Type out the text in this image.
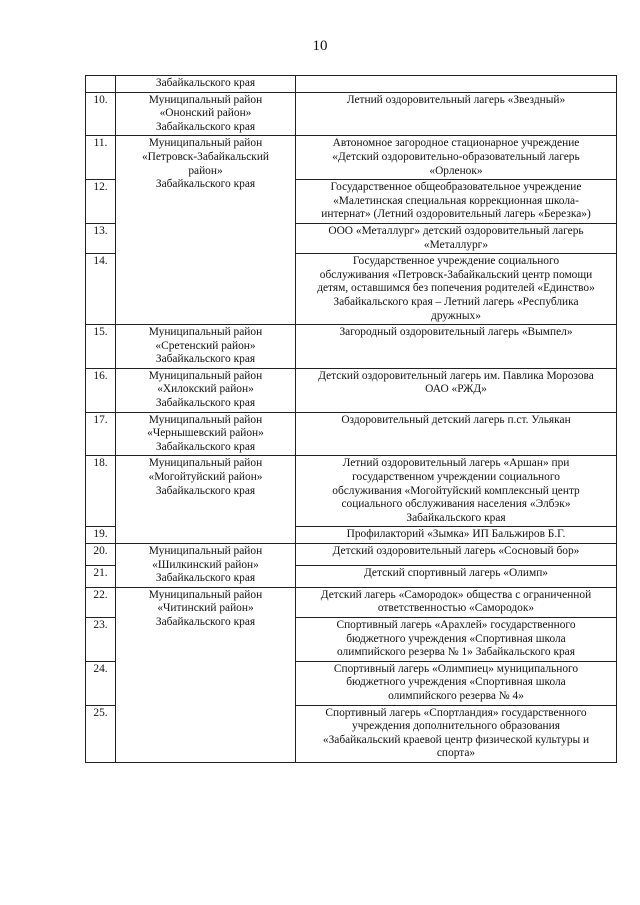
10

	Забайкальского края	

10.	Муниципальный район
«Ононский район»
Забайкальского края	Летний оздоровительный лагерь «Звездный»

11.	Муниципальный район
«Петровск-Забайкальский
район»
Забайкальского края	Автономное загородное стационарное учреждение
«Детский оздоровительно-образовательный лагерь
«Орленок»

12.		Государственное общеобразовательное учреждение
«Малетинская специальная коррекционная школа-
интернат» (Летний оздоровительный лагерь «Березка»)

13.		ООО «Металлург» детский оздоровительный лагерь
«Металлург»

14.		Государственное учреждение социального
обслуживания «Петровск-Забайкальский центр помощи
детям, оставшимся без попечения родителей «Единство»
Забайкальского края – Летний лагерь «Республика
дружных»

15.	Муниципальный район
«Сретенский район»
Забайкальского края	Загородный оздоровительный лагерь «Вымпел»

16.	Муниципальный район
«Хилокский район»
Забайкальского края	Детский оздоровительный лагерь им. Павлика Морозова
ОАО «РЖД»

17.	Муниципальный район
«Чернышевский район»
Забайкальского края	Оздоровительный детский лагерь п.ст. Ульякан

18.	Муниципальный район
«Могойтуйский район»
Забайкальского края	Летний оздоровительный лагерь «Аршан» при
государственном учреждении социального
обслуживания «Могойтуйский комплексный центр
социального обслуживания населения «Элбэк»
Забайкальского края

19.		Профилакторий «Зымка» ИП Бальжиров Б.Г.

20.	Муниципальный район
«Шилкинский район»
Забайкальского края	Детский оздоровительный лагерь «Сосновый бор»

21.		Детский спортивный лагерь «Олимп»

22.	Муниципальный район
«Читинский район»
Забайкальского края	Детский лагерь «Самородок» общества с ограниченной
ответственностью «Самородок»

23.		Спортивный лагерь «Арахлей» государственного
бюджетного учреждения «Спортивная школа
олимпийского резерва № 1» Забайкальского края

24.		Спортивный лагерь «Олимпиец» муниципального
бюджетного учреждения «Спортивная школа
олимпийского резерва № 4»

25.		Спортивный лагерь «Спортландия» государственного
учреждения дополнительного образования
«Забайкальский краевой центр физической культуры и
спорта»
